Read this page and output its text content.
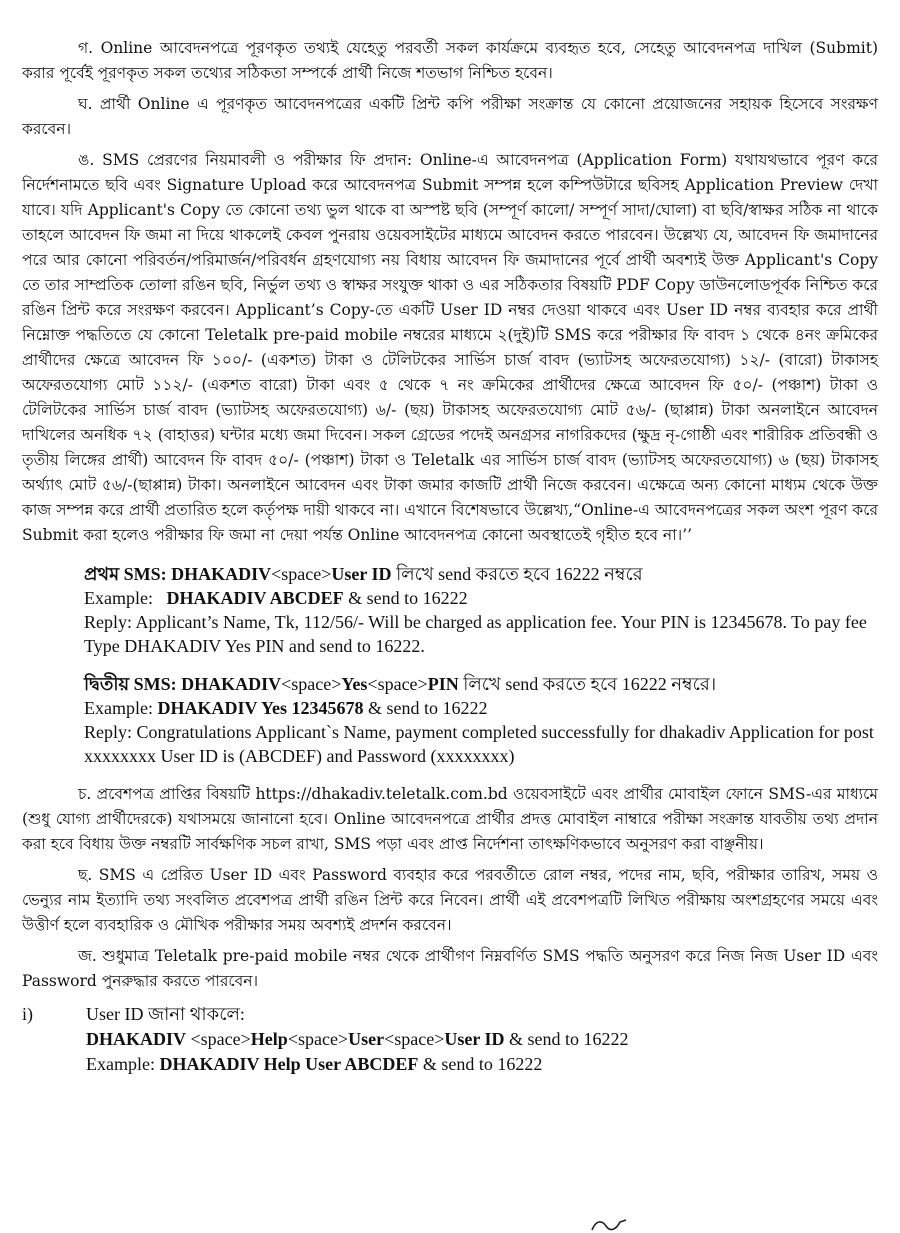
গ. Online আবেদনপত্রে পূরণকৃত তথ্যই যেহেতু পরবর্তী সকল কার্যক্রমে ব্যবহৃত হবে, সেহেতু আবেদনপত্র দাখিল (Submit) করার পূর্বেই পূরণকৃত সকল তথ্যের সঠিকতা সম্পর্কে প্রার্থী নিজে শতভাগ নিশ্চিত হবেন।

ঘ. প্রার্থী Online এ পূরণকৃত আবেদনপত্রের একটি প্রিন্ট কপি পরীক্ষা সংক্রান্ত যে কোনো প্রয়োজনের সহায়ক হিসেবে সংরক্ষণ করবেন।

ঙ. SMS প্রেরণের নিয়মাবলী ও পরীক্ষার ফি প্রদান: Online-এ আবেদনপত্র (Application Form) যথাযথভাবে পূরণ করে নির্দেশনামতে ছবি এবং Signature Upload করে আবেদনপত্র Submit সম্পন্ন হলে কম্পিউটারে ছবিসহ Application Preview দেখা যাবে। যদি Applicant's Copy তে কোনো তথ্য ভুল থাকে বা অস্পষ্ট ছবি (সম্পূর্ণ কালো/ সম্পূর্ণ সাদা/ঘোলা) বা ছবি/স্বাক্ষর সঠিক না থাকে তাহলে আবেদন ফি জমা না দিয়ে থাকলেই কেবল পুনরায় ওয়েবসাইটের মাধ্যমে আবেদন করতে পারবেন। উল্লেখ্য যে, আবেদন ফি জমাদানের পরে আর কোনো পরিবর্তন/পরিমার্জন/পরিবর্ধন গ্রহণযোগ্য নয় বিধায় আবেদন ফি জমাদানের পূর্বে প্রার্থী অবশ্যই উক্ত Applicant's Copy তে তার সাম্প্রতিক তোলা রঙিন ছবি, নির্ভুল তথ্য ও স্বাক্ষর সংযুক্ত থাকা ও এর সঠিকতার বিষয়টি PDF Copy ডাউনলোডপূর্বক নিশ্চিত করে রঙিন প্রিন্ট করে সংরক্ষণ করবেন। Applicant’s Copy-তে একটি User ID নম্বর দেওয়া থাকবে এবং User ID নম্বর ব্যবহার করে প্রার্থী নিম্নোক্ত পদ্ধতিতে যে কোনো Teletalk pre-paid mobile নম্বরের মাধ্যমে ২(দুই)টি SMS করে পরীক্ষার ফি বাবদ ১ থেকে ৪নং ক্রমিকের প্রার্থীদের ক্ষেত্রে আবেদন ফি ১০০/- (একশত) টাকা ও টেলিটকের সার্ভিস চার্জ বাবদ (ভ্যাটসহ অফেরতযোগ্য) ১২/- (বারো) টাকাসহ অফেরতযোগ্য মোট ১১২/- (একশত বারো) টাকা এবং ৫ থেকে ৭ নং ক্রমিকের প্রার্থীদের ক্ষেত্রে আবেদন ফি ৫০/- (পঞ্চাশ) টাকা ও টেলিটকের সার্ভিস চার্জ বাবদ (ভ্যাটসহ অফেরতযোগ্য) ৬/- (ছয়) টাকাসহ অফেরতযোগ্য মোট ৫৬/- (ছাপ্পান্ন) টাকা অনলাইনে আবেদন দাখিলের অনধিক ৭২ (বাহাত্তর) ঘন্টার মধ্যে জমা দিবেন। সকল গ্রেডের পদেই অনগ্রসর নাগরিকদের (ক্ষুদ্র নৃ-গোষ্ঠী এবং শারীরিক প্রতিবন্ধী ও তৃতীয় লিঙ্গের প্রার্থী) আবেদন ফি বাবদ ৫০/- (পঞ্চাশ) টাকা ও Teletalk এর সার্ভিস চার্জ বাবদ (ভ্যাটসহ অফেরতযোগ্য) ৬ (ছয়) টাকাসহ অর্থ্যাৎ মোট ৫৬/-(ছাপ্পান্ন) টাকা। অনলাইনে আবেদন এবং টাকা জমার কাজটি প্রার্থী নিজে করবেন। এক্ষেত্রে অন্য কোনো মাধ্যম থেকে উক্ত কাজ সম্পন্ন করে প্রার্থী প্রতারিত হলে কর্তৃপক্ষ দায়ী থাকবে না। এখানে বিশেষভাবে উল্লেখ্য,“Online-এ আবেদনপত্রের সকল অংশ পূরণ করে Submit করা হলেও পরীক্ষার ফি জমা না দেয়া পর্যন্ত Online আবেদনপত্র কোনো অবস্থাতেই গৃহীত হবে না।’’

প্রথম SMS: DHAKADIV<space>User ID লিখে send করতে হবে 16222 নম্বরে
Example: DHAKADIV ABCDEF & send to 16222
Reply: Applicant’s Name, Tk, 112/56/- Will be charged as application fee. Your PIN is 12345678. To pay fee Type DHAKADIV Yes PIN and send to 16222.
দ্বিতীয় SMS: DHAKADIV<space>Yes<space>PIN লিখে send করতে হবে 16222 নম্বরে।
Example: DHAKADIV Yes 12345678 & send to 16222
Reply: Congratulations Applicant`s Name, payment completed successfully for dhakadiv Application for post xxxxxxxx User ID is (ABCDEF) and Password (xxxxxxxx)

চ. প্রবেশপত্র প্রাপ্তির বিষয়টি https://dhakadiv.teletalk.com.bd ওয়েবসাইটে এবং প্রার্থীর মোবাইল ফোনে SMS-এর মাধ্যমে (শুধু যোগ্য প্রার্থীদেরকে) যথাসময়ে জানানো হবে। Online আবেদনপত্রে প্রার্থীর প্রদত্ত মোবাইল নাম্বারে পরীক্ষা সংক্রান্ত যাবতীয় তথ্য প্রদান করা হবে বিধায় উক্ত নম্বরটি সার্বক্ষণিক সচল রাখা, SMS পড়া এবং প্রাপ্ত নির্দেশনা তাৎক্ষণিকভাবে অনুসরণ করা বাঞ্ছনীয়।

ছ. SMS এ প্রেরিত User ID এবং Password ব্যবহার করে পরবর্তীতে রোল নম্বর, পদের নাম, ছবি, পরীক্ষার তারিখ, সময় ও ভেন্যুর নাম ইত্যাদি তথ্য সংবলিত প্রবেশপত্র প্রার্থী রঙিন প্রিন্ট করে নিবেন। প্রার্থী এই প্রবেশপত্রটি লিখিত পরীক্ষায় অংশগ্রহণের সময়ে এবং উত্তীর্ণ হলে ব্যবহারিক ও মৌখিক পরীক্ষার সময় অবশ্যই প্রদর্শন করবেন।

জ. শুধুমাত্র Teletalk pre-paid mobile নম্বর থেকে প্রার্থীগণ নিম্নবর্ণিত SMS পদ্ধতি অনুসরণ করে নিজ নিজ User ID এবং Password পুনরুদ্ধার করতে পারবেন।

i)	User ID জানা থাকলে:
DHAKADIV <space>Help<space>User<space>User ID & send to 16222
Example: DHAKADIV Help User ABCDEF & send to 16222
